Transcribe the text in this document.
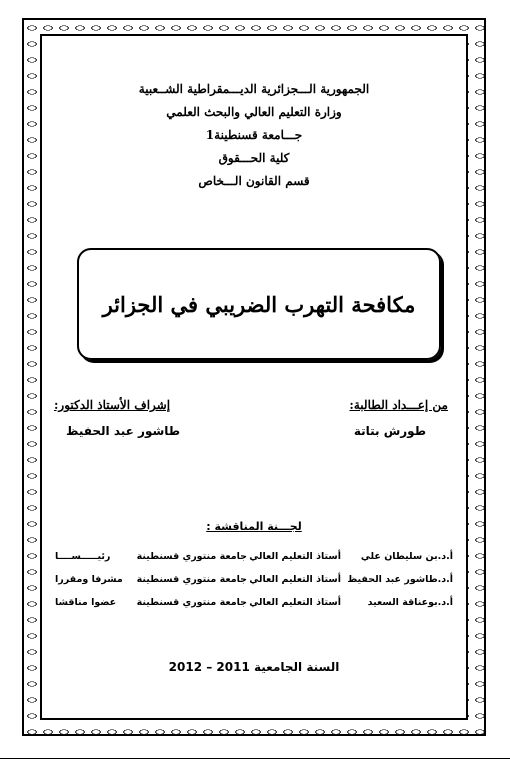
الجمهورية الـــجزائرية الديـــمقراطية الشــعبية
وزارة التعليم العالي والبحث العلمي
جـــامعة قسنطينة1
كلية الحـــقوق
قسم القانون الـــخاص
مكافحة التهرب الضريبي في الجزائر
من إعـــداد الطالبة:
طورش بتاتة
إشراف الأستاذ الدكتور:
طاشور عبد الحفيظ
لجـــنة المناقشة :
أ.د.بن سليطان علي
أستاذ التعليم العالي
جامعة منتوري قسنطينة
رئيـــــســــا
أ.د.طاشور عبد الحفيظ
أستاذ التعليم العالي
جامعة منتوري قسنطينة
مشرفا ومقررا
أ.د.بوعناقة السعيد
أستاذ التعليم العالي
جامعة منتوري قسنطينة
عضوا مناقشا
السنة الجامعية 2011 – 2012
